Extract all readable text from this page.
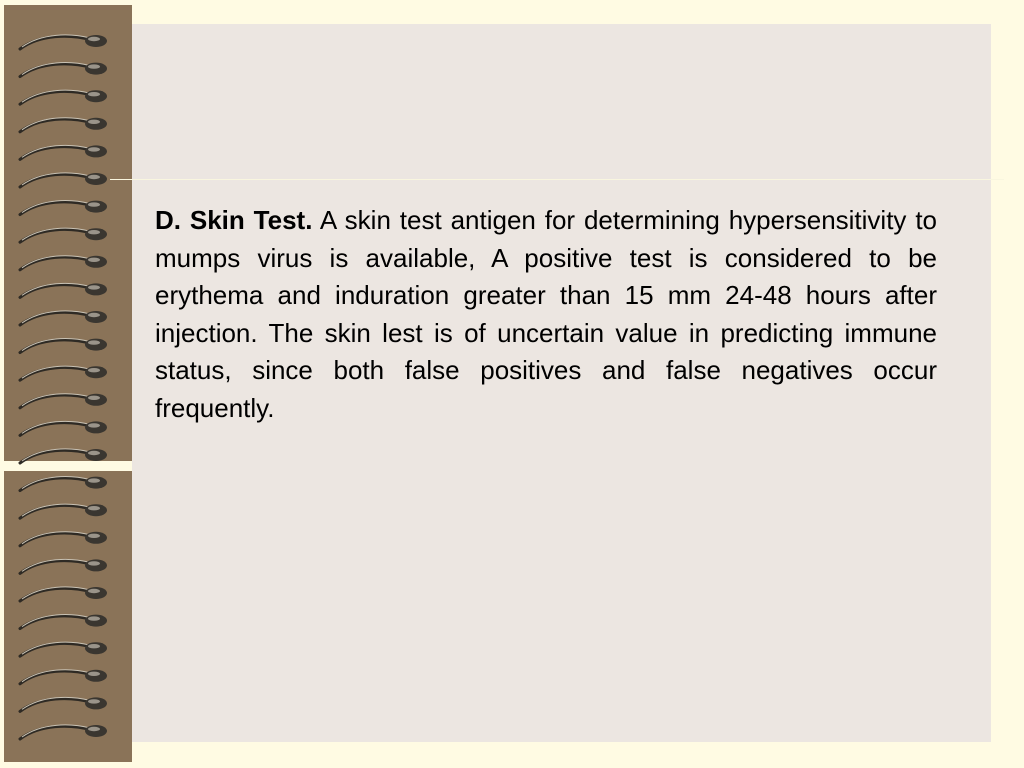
D. Skin Test. A skin test antigen for determining hypersensitivity to mumps virus is available, A positive test is considered to be erythema and induration greater than 15 mm 24-48 hours after injection. The skin lest is of uncertain value in predicting immune status, since both false positives and false negatives occur frequently.
